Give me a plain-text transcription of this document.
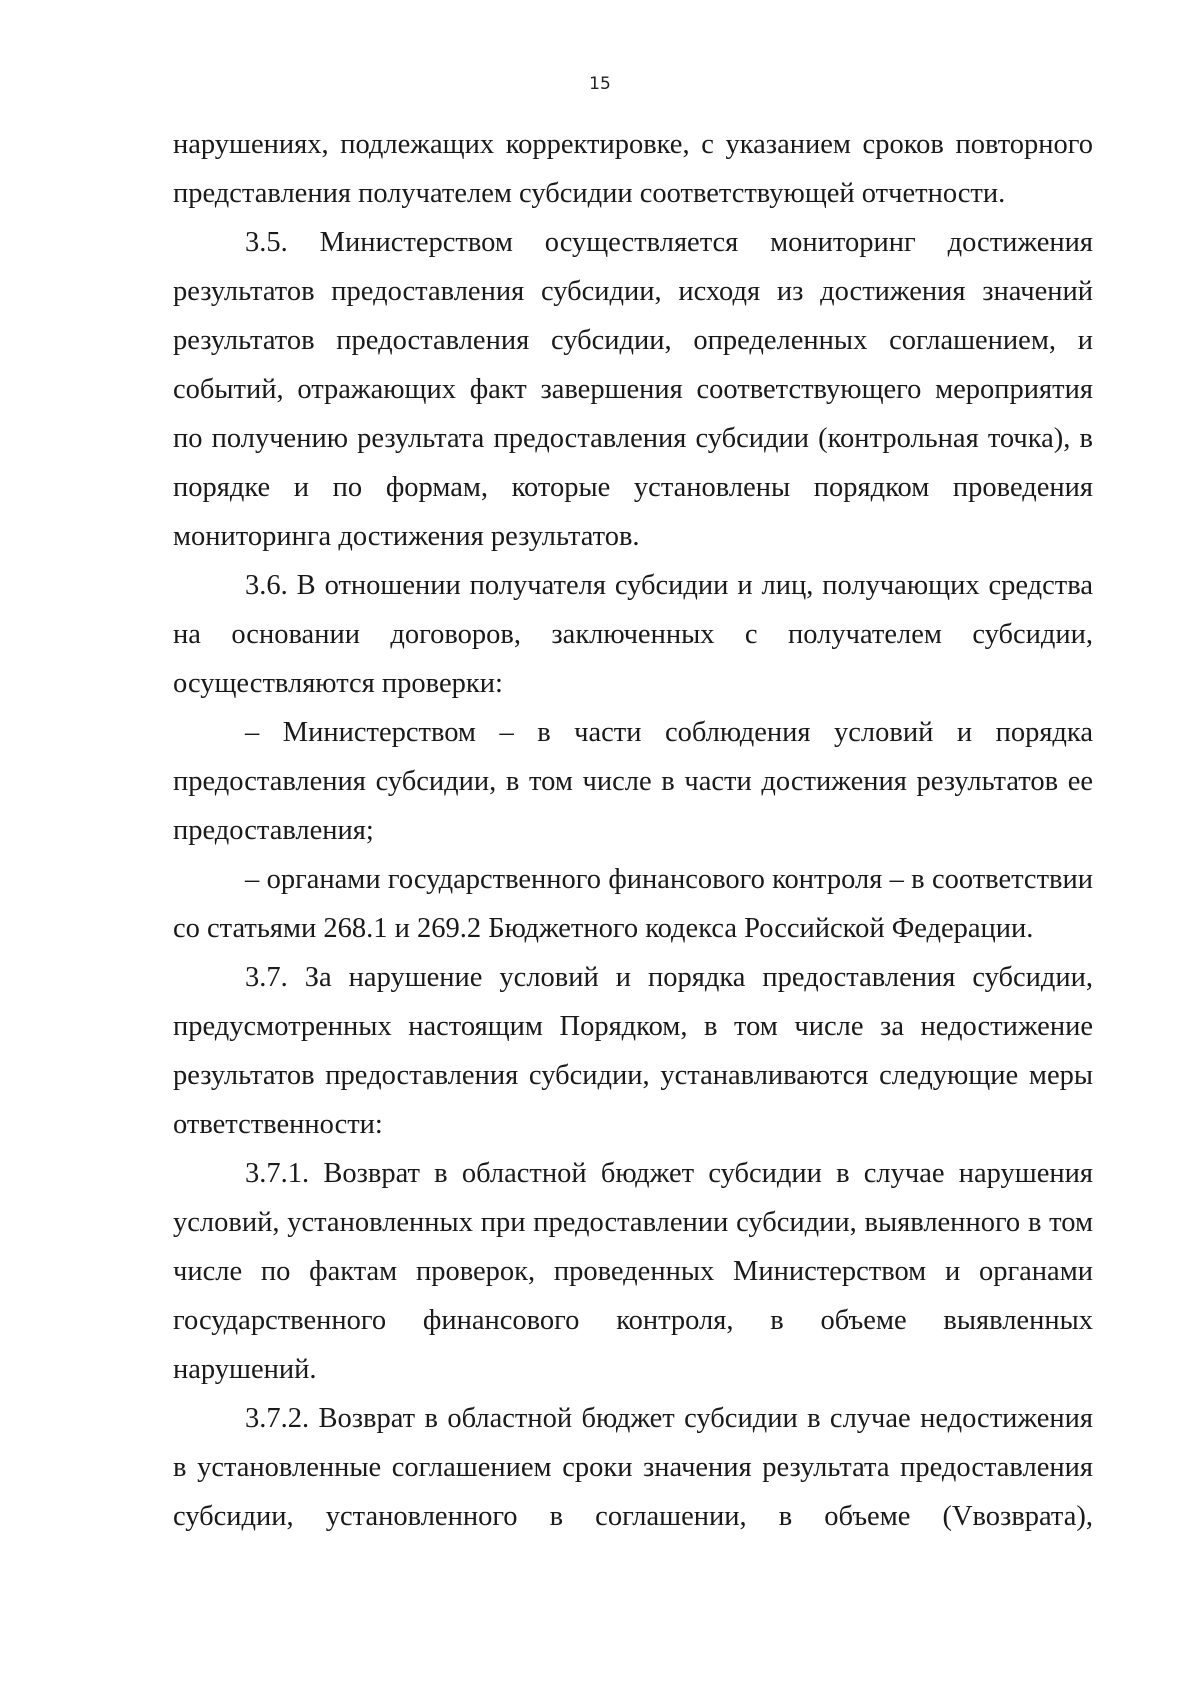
15

нарушениях, подлежащих корректировке, с указанием сроков повторного представления получателем субсидии соответствующей отчетности.

3.5. Министерством осуществляется мониторинг достижения результатов предоставления субсидии, исходя из достижения значений результатов предоставления субсидии, определенных соглашением, и событий, отражающих факт завершения соответствующего мероприятия по получению результата предоставления субсидии (контрольная точка), в порядке и по формам, которые установлены порядком проведения мониторинга достижения результатов.

3.6. В отношении получателя субсидии и лиц, получающих средства на основании договоров, заключенных с получателем субсидии, осуществляются проверки:

– Министерством – в части соблюдения условий и порядка предоставления субсидии, в том числе в части достижения результатов ее предоставления;

– органами государственного финансового контроля – в соответствии со статьями 268.1 и 269.2 Бюджетного кодекса Российской Федерации.

3.7. За нарушение условий и порядка предоставления субсидии, предусмотренных настоящим Порядком, в том числе за недостижение результатов предоставления субсидии, устанавливаются следующие меры ответственности:

3.7.1. Возврат в областной бюджет субсидии в случае нарушения условий, установленных при предоставлении субсидии, выявленного в том числе по фактам проверок, проведенных Министерством и органами государственного финансового контроля, в объеме выявленных нарушений.

3.7.2. Возврат в областной бюджет субсидии в случае недостижения в установленные соглашением сроки значения результата предоставления субсидии, установленного в соглашении, в объеме (Vвозврата),
